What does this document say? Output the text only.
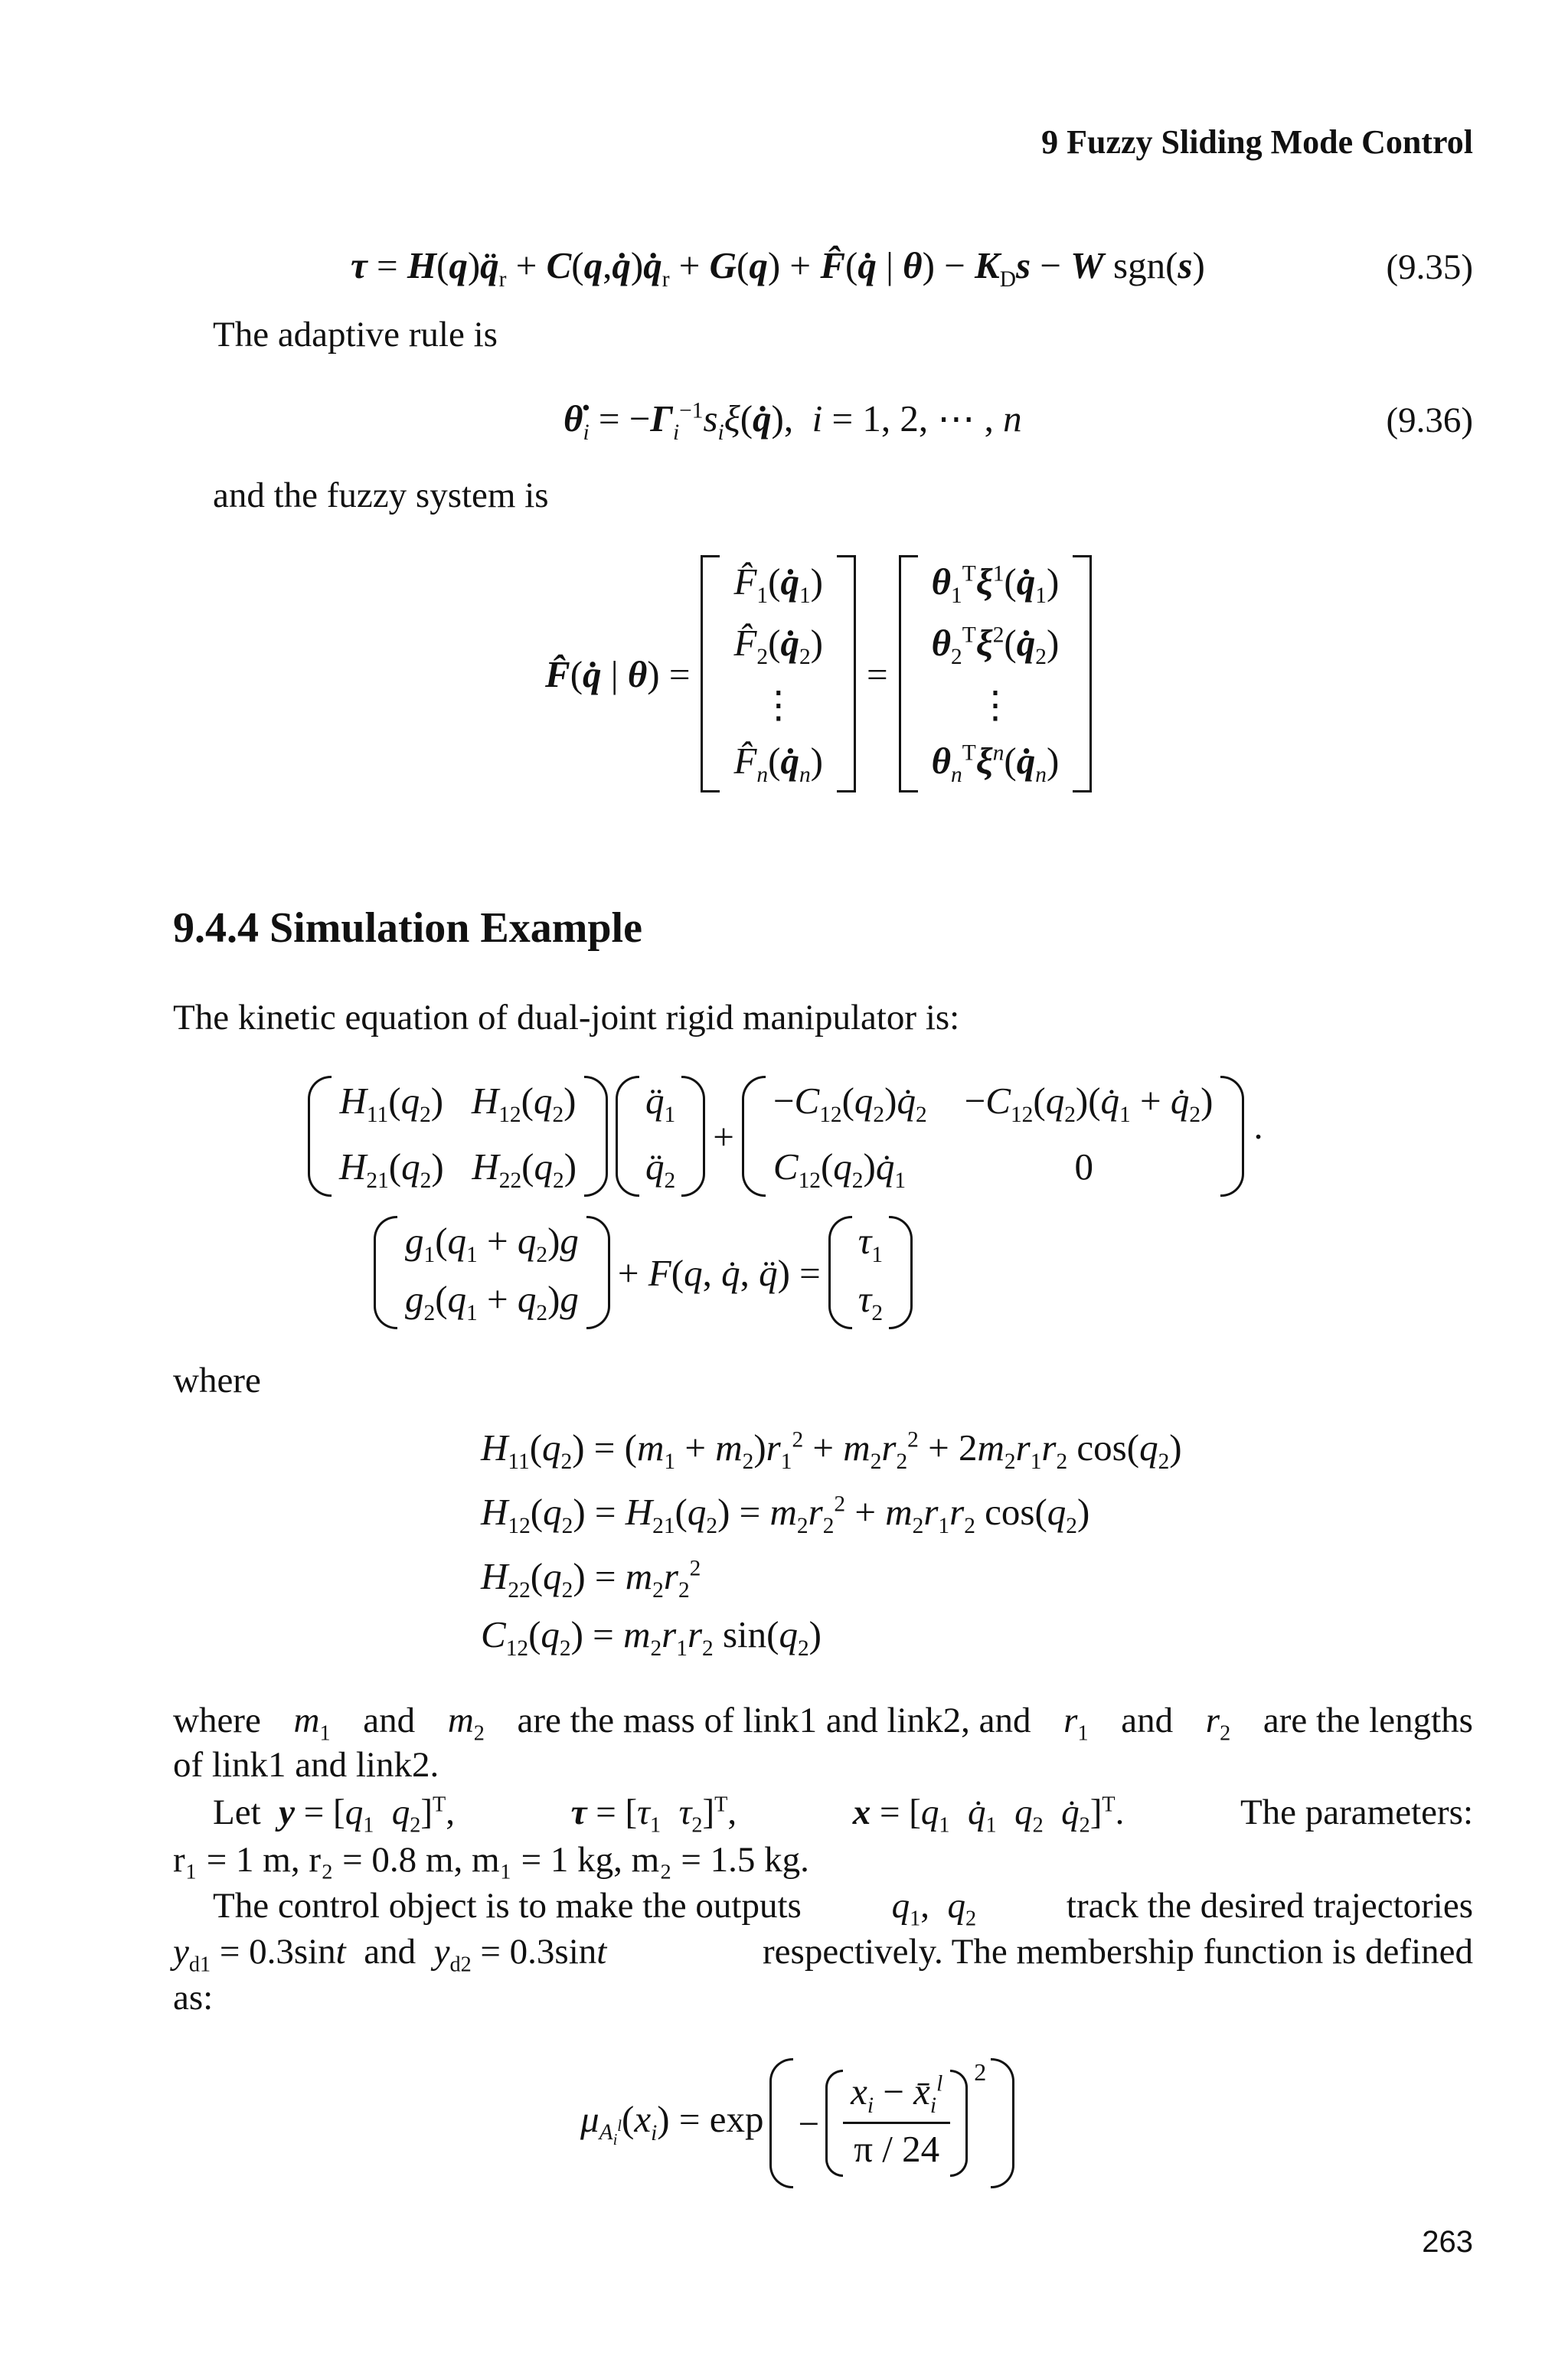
9 Fuzzy Sliding Mode Control
$\tau = H(q)q̈_r$ + $C(q,q̇)q̇_r + G(q)$ + F̂(q̇ | $\theta) - K_Ds - W$ sgn(s)	(9.35)
The adaptive rule is
$\thetȧ_i$ = $-\Gamma_i^{-1}s_i\xi(q̇)$,  i = 1, 2, ⋯ , n	(9.36)
and the fuzzy system is
F̂(q̇ | θ) =
$F̂_1(q̇_1)$
$F̂_2(q̇_2)$
⋮
$F̂_n(q̇_n)$
=
$\theta_1^T\xi^1(q̇_1)$
$\theta_2^T\xi^2(q̇_2)$
⋮
$\theta_n^T\xi^n(q̇_n)$
9.4.4 Simulation Example
The kinetic equation of dual-joint rigid manipulator is:
$H_{11}(q_2)$   $H_{12}(q_2)$
$H_{21}(q_2)$   $H_{22}(q_2)$
$q̈_1$
$q̈_2$
+
$-C_{12}(q_2)q̇_2$    $-C_{12}(q_2)(q̇_1$ + $q̇_2$)
$C_{12}(q_2)q̇_1$                  0
·
$g_1(q_1 + q_2)g$
$g_2(q_1 + q_2)g$
+ F(q, q̇, q̈) =
$\tau_1$
$\tau_2$
where
$H_{11}(q_2) = (m_1 + m_2)r_1^2 + m_2r_2^2 + 2m_2r_1r_2$ $\cos(q_2)$
$H_{12}(q_2) = H_{21}(q_2) = m_2r_2^2 + m_2r_1r_2$ $\cos(q_2)$
$H_{22}(q_2) = m_2r_2^2$
$C_{12}(q_2) = m_2r_1r_2$ $\sin(q_2)$
where $m_1$ and $m_2$ are the mass of link1 and link2, and $r_1$ and $r_2$ are the lengths
of link1 and link2.
Let  $y = [q_1$ $q_2]^T$,	$\tau = [\tau_1$ $\tau_2]^T$,	$x = [q_1$ $q̇_1$ $q_2$ $q̇_2]^T$.	The parameters:
r₁ = 1 m, r₂ = 0.8 m, m₁ = 1 kg, m₂ = 1.5 kg.
The control object is to make the outputs	$q_1$,  $q_2$	track the desired trajectories
$y_{d1} = 0.3\sin t$  and  $y_{d2} = 0.3\sin t$	respectively. The membership function is defined
as:
$\mu_{A_i^l}(x_i) = \exp - \frac{x_i - x̄_i^l}{\pi / 24} ^2$
263
